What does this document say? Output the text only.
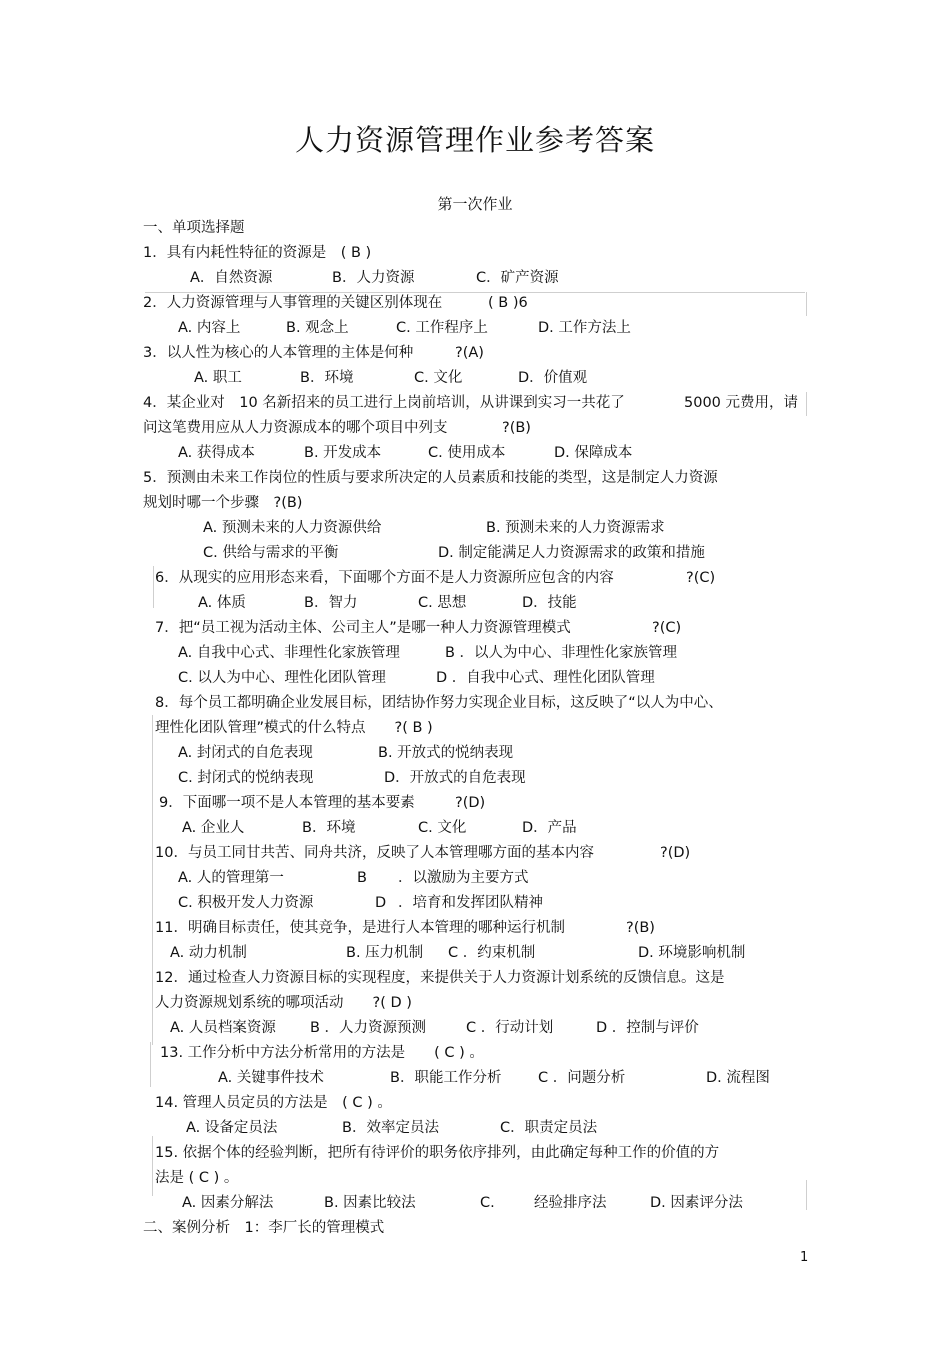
人力资源管理作业参考答案
第一次作业
一、单项选择题
1．具有内耗性特征的资源是　( B )
A．自然资源	B．人力资源	C．矿产资源
2．人力资源管理与人事管理的关键区别体现在	( B )6
A. 内容上	B. 观念上	C. 工作程序上	D. 工作方法上
3．以人性为核心的人本管理的主体是何种	?(A)
A. 职工	B．环境	C. 文化	D．价值观
4．某企业对　10 名新招来的员工进行上岗前培训，从讲课到实习一共花了	5000 元费用，请
问这笔费用应从人力资源成本的哪个项目中列支	?(B)
A. 获得成本	B. 开发成本	C. 使用成本	D. 保障成本
5．预测由未来工作岗位的性质与要求所决定的人员素质和技能的类型，这是制定人力资源
规划时哪一个步骤　?(B)
A. 预测未来的人力资源供给	B. 预测未来的人力资源需求
C. 供给与需求的平衡	D. 制定能满足人力资源需求的政策和措施
6．从现实的应用形态来看，下面哪个方面不是人力资源所应包含的内容	?(C)
A. 体质	B．智力	C. 思想	D．技能
7．把“员工视为活动主体、公司主人”是哪一种人力资源管理模式	?(C)
A. 自我中心式、非理性化家族管理	B ．以人为中心、非理性化家族管理
C. 以人为中心、理性化团队管理	D ．自我中心式、理性化团队管理
8．每个员工都明确企业发展目标，团结协作努力实现企业目标，这反映了“以人为中心、
理性化团队管理”模式的什么特点　　?( B )
A. 封闭式的自危表现	B. 开放式的悦纳表现
C. 封闭式的悦纳表现	D．开放式的自危表现
9．下面哪一项不是人本管理的基本要素	?(D)
A. 企业人	B．环境	C. 文化	D．产品
10．与员工同甘共苦、同舟共济，反映了人本管理哪方面的基本内容	?(D)
A. 人的管理第一	B ．以激励为主要方式
C. 积极开发人力资源	D ．培育和发挥团队精神
11．明确目标责任，使其竞争，是进行人本管理的哪种运行机制	?(B)
A. 动力机制	B. 压力机制 C ．约束机制	D. 环境影响机制
12．通过检查人力资源目标的实现程度，来提供关于人力资源计划系统的反馈信息。这是
人力资源规划系统的哪项活动　　?( D )
A. 人员档案资源 B ．人力资源预测	C ．行动计划	D ．控制与评价
13. 工作分析中方法分析常用的方法是　　( C ) 。
A. 关键事件技术	B．职能工作分析	C ．问题分析	D. 流程图
14. 管理人员定员的方法是　( C ) 。
A. 设备定员法	B．效率定员法	C．职责定员法
15. 依据个体的经验判断，把所有待评价的职务依序排列，由此确定每种工作的价值的方
法是 ( C ) 。
A. 因素分解法	B. 因素比较法	C.	经验排序法	D. 因素评分法
二、案例分析　1：李厂长的管理模式
1
